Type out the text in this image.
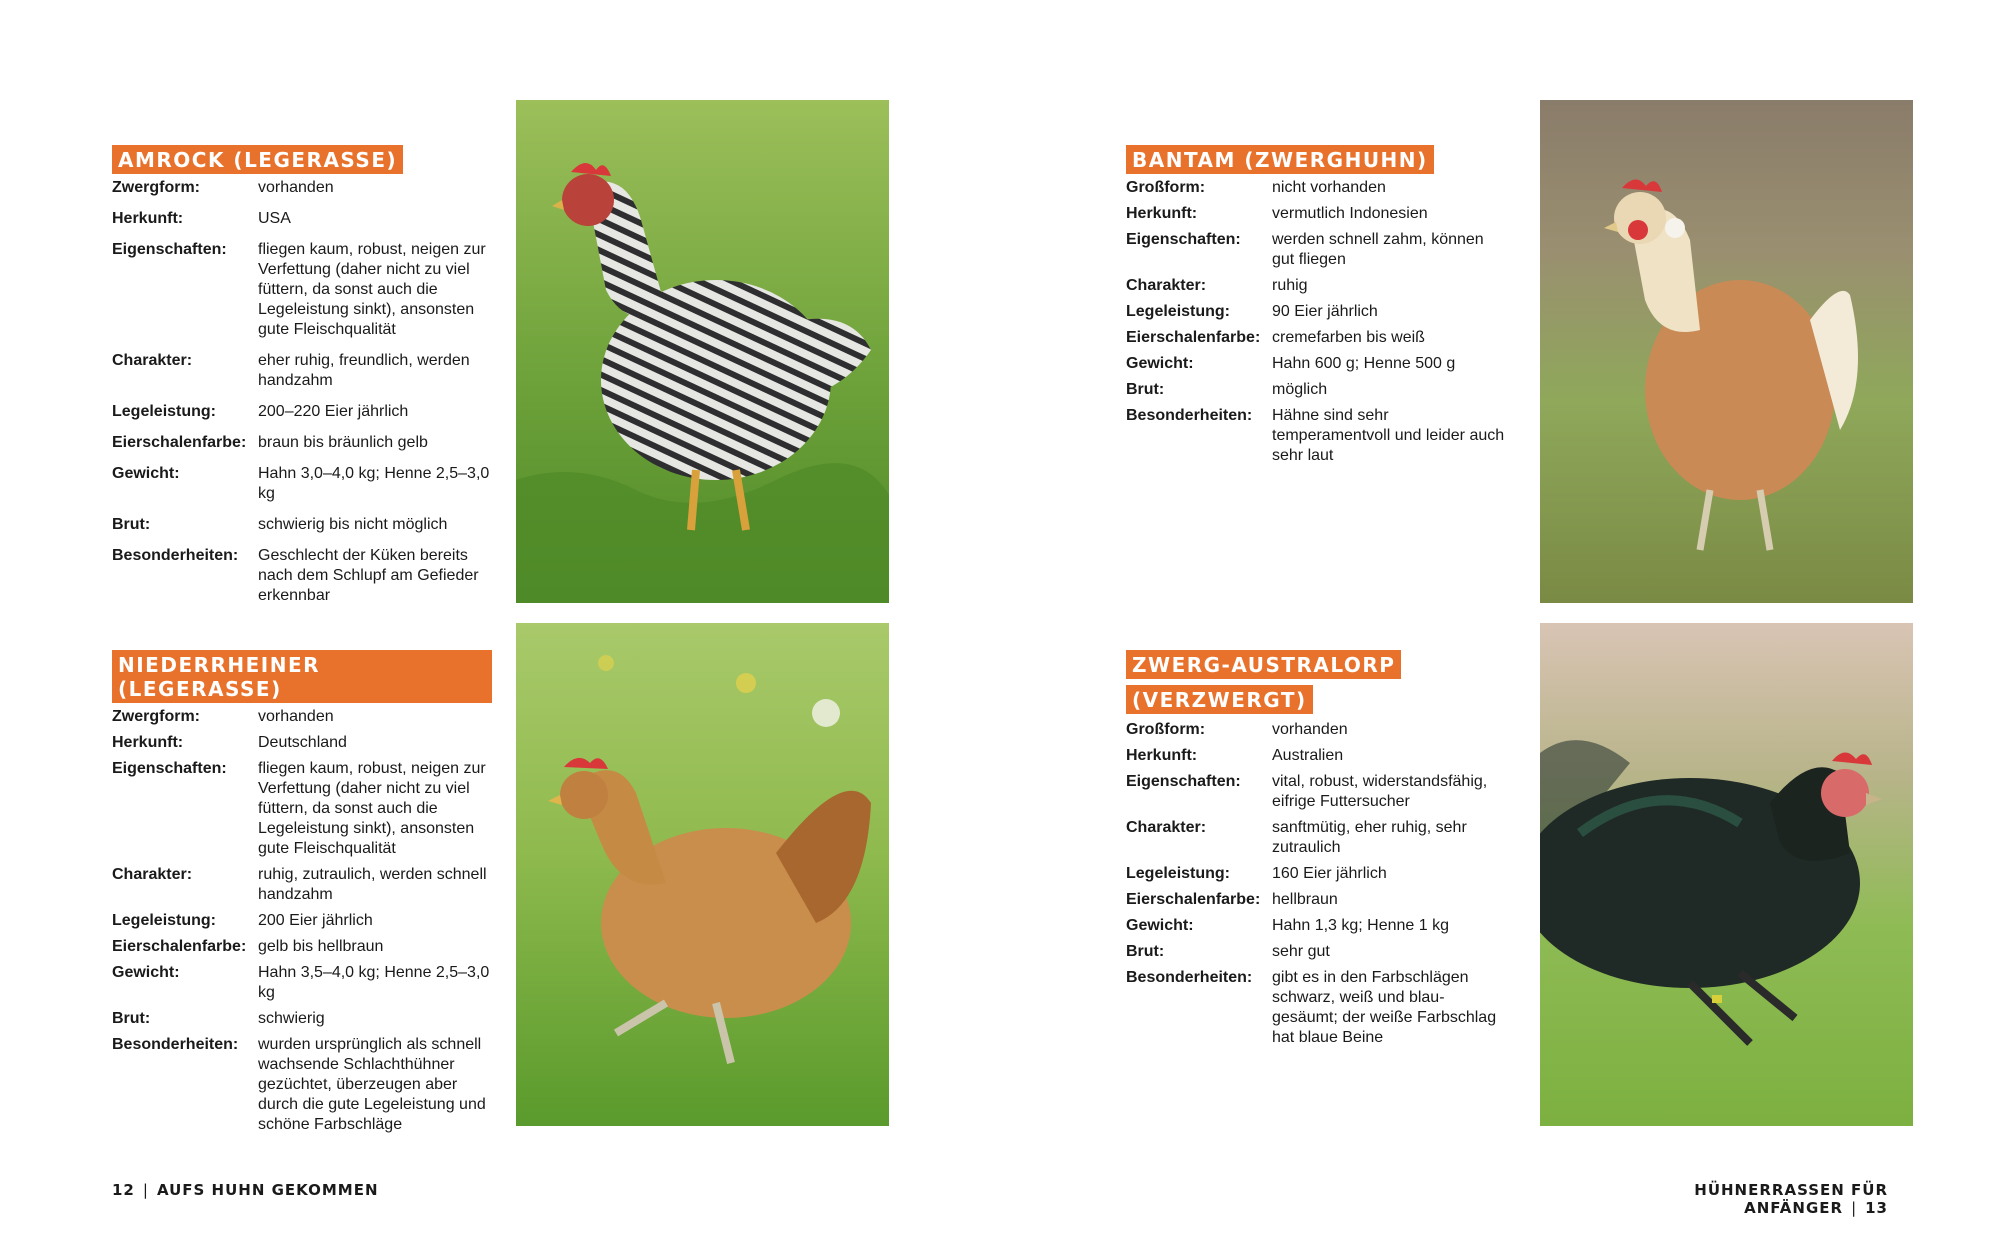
AMROCK (LEGERASSE)
Zwergform:	vorhanden
Herkunft:	USA
Eigenschaften:	fliegen kaum, robust, neigen zur Verfettung (daher nicht zu viel füttern, da sonst auch die Legeleistung sinkt), ansonsten gute Fleischqualität
Charakter:	eher ruhig, freundlich, werden handzahm
Legeleistung:	200–220 Eier jährlich
Eierschalenfarbe:	braun bis bräunlich gelb
Gewicht:	Hahn 3,0–4,0 kg; Henne 2,5–3,0 kg
Brut:	schwierig bis nicht möglich
Besonderheiten:	Geschlecht der Küken bereits nach dem Schlupf am Gefieder erkennbar
NIEDERRHEINER (LEGERASSE)
Zwergform:	vorhanden
Herkunft:	Deutschland
Eigenschaften:	fliegen kaum, robust, neigen zur Verfettung (daher nicht zu viel füttern, da sonst auch die Legeleistung sinkt), ansonsten gute Fleischqualität
Charakter:	ruhig, zutraulich, werden schnell handzahm
Legeleistung:	200 Eier jährlich
Eierschalenfarbe:	gelb bis hellbraun
Gewicht:	Hahn 3,5–4,0 kg; Henne 2,5–3,0 kg
Brut:	schwierig
Besonderheiten:	wurden ursprünglich als schnell wachsende Schlachthühner gezüchtet, überzeugen aber durch die gute Legeleistung und schöne Farbschläge
12 | AUFS HUHN GEKOMMEN
BANTAM (ZWERGHUHN)
Großform:	nicht vorhanden
Herkunft:	vermutlich Indonesien
Eigenschaften:	werden schnell zahm, können gut fliegen
Charakter:	ruhig
Legeleistung:	90 Eier jährlich
Eierschalenfarbe:	cremefarben bis weiß
Gewicht:	Hahn 600 g; Henne 500 g
Brut:	möglich
Besonderheiten:	Hähne sind sehr temperamentvoll und leider auch sehr laut
ZWERG-AUSTRALORP
(VERZWERGT)
Großform:	vorhanden
Herkunft:	Australien
Eigenschaften:	vital, robust, widerstandsfähig, eifrige Futtersucher
Charakter:	sanftmütig, eher ruhig, sehr zutraulich
Legeleistung:	160 Eier jährlich
Eierschalenfarbe:	hellbraun
Gewicht:	Hahn 1,3 kg; Henne 1 kg
Brut:	sehr gut
Besonderheiten:	gibt es in den Farbschlägen schwarz, weiß und blau-gesäumt; der weiße Farbschlag hat blaue Beine
HÜHNERRASSEN FÜR ANFÄNGER | 13
